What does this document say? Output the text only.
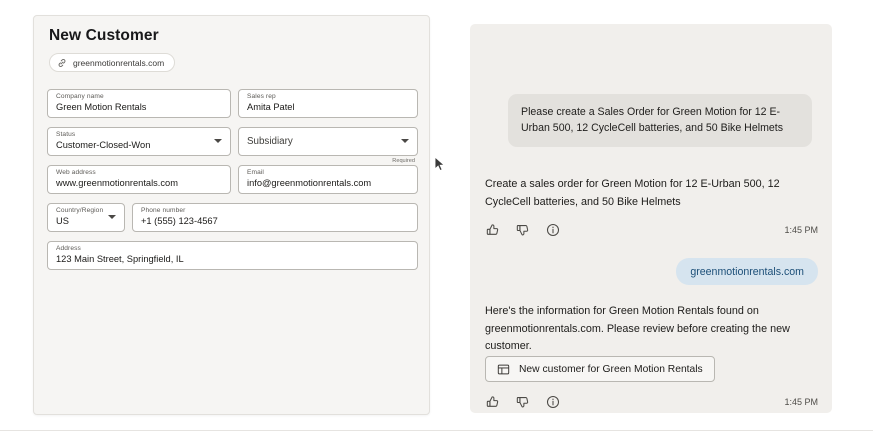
New Customer
greenmotionrentals.com
Company name
Green Motion Rentals
Sales rep
Amita Patel
Status
Customer-Closed-Won	Subsidiary
Required
Web address
www.greenmotionrentals.com
Email
info@greenmotionrentals.com
Country/Region
US
Phone number
+1 (555) 123-4567
Address
123 Main Street, Springfield, IL
Please create a Sales Order for Green Motion for 12 E-Urban 500, 12 CycleCell batteries, and 50 Bike Helmets
Create a sales order for Green Motion for 12 E-Urban 500, 12 CycleCell batteries, and 50 Bike Helmets
1:45 PM
greenmotionrentals.com
Here's the information for Green Motion Rentals found on greenmotionrentals.com. Please review before creating the new customer.
New customer for Green Motion Rentals
1:45 PM
